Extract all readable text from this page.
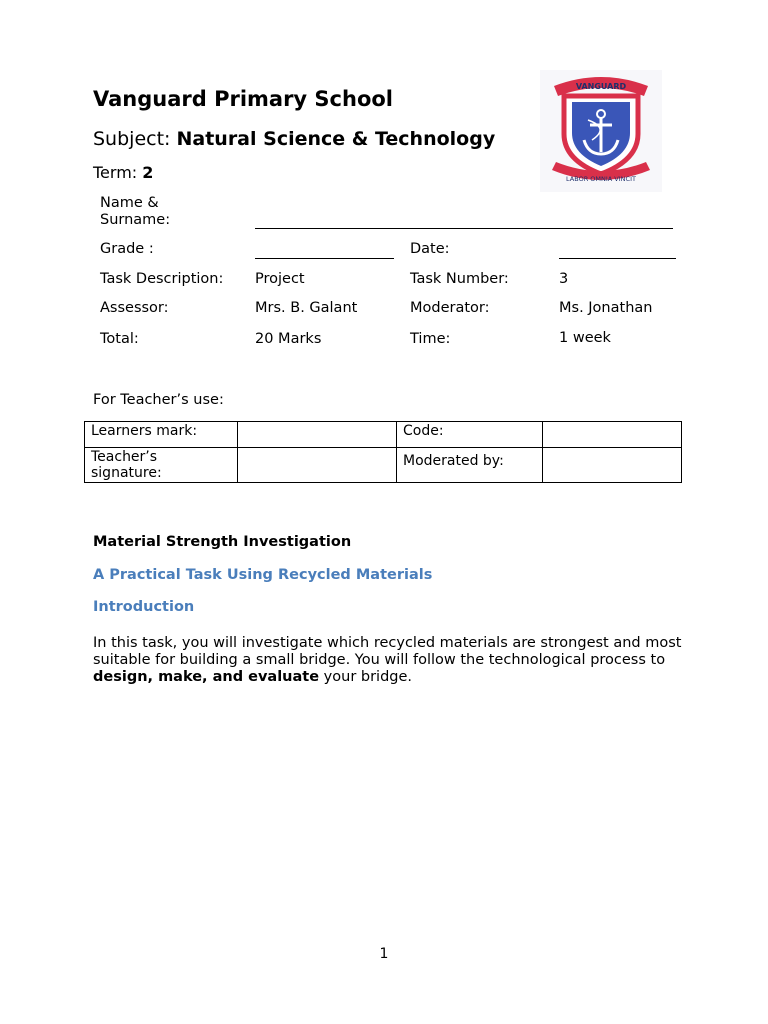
Vanguard Primary School
Subject: Natural Science & Technology
Term: 2
VANGUARD
LABOR OMNIA VINCIT
Name &
Surname:
Grade :	Date:
Task Description: Project	Task Number:	3
Assessor:	Mrs. B. Galant	Moderator:	Ms. Jonathan
Total:	20 Marks	Time:	1 week
For Teacher’s use:
Learners mark:		Code:	

Teacher’s
signature:		Moderated by:	
Material Strength Investigation
A Practical Task Using Recycled Materials
Introduction
In this task, you will investigate which recycled materials are strongest and most suitable for building a small bridge. You will follow the technological process to design, make, and evaluate your bridge.
1
